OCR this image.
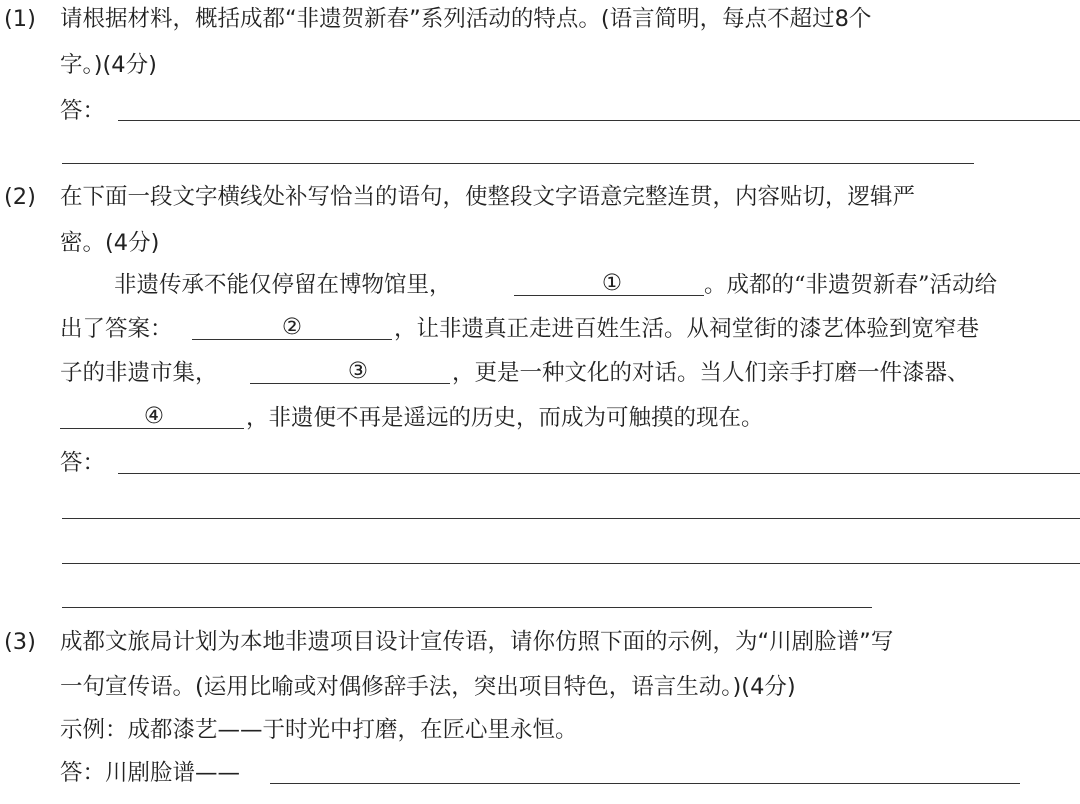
(1) 请根据材料，概括成都“非遗贺新春”系列活动的特点。(语言简明，每点不超过8个
字。)(4分)
答：
(2) 在下面一段文字横线处补写恰当的语句，使整段文字语意完整连贯，内容贴切，逻辑严
密。(4分)
非遗传承不能仅停留在博物馆里，	①	。成都的“非遗贺新春”活动给
出了答案：	②	，让非遗真正走进百姓生活。从祠堂街的漆艺体验到宽窄巷
子的非遗市集，	③	，更是一种文化的对话。当人们亲手打磨一件漆器、
④	，非遗便不再是遥远的历史，而成为可触摸的现在。
答：
(3) 成都文旅局计划为本地非遗项目设计宣传语，请你仿照下面的示例，为“川剧脸谱”写
一句宣传语。(运用比喻或对偶修辞手法，突出项目特色，语言生动。)(4分)
示例：成都漆艺——于时光中打磨，在匠心里永恒。
答：川剧脸谱——
